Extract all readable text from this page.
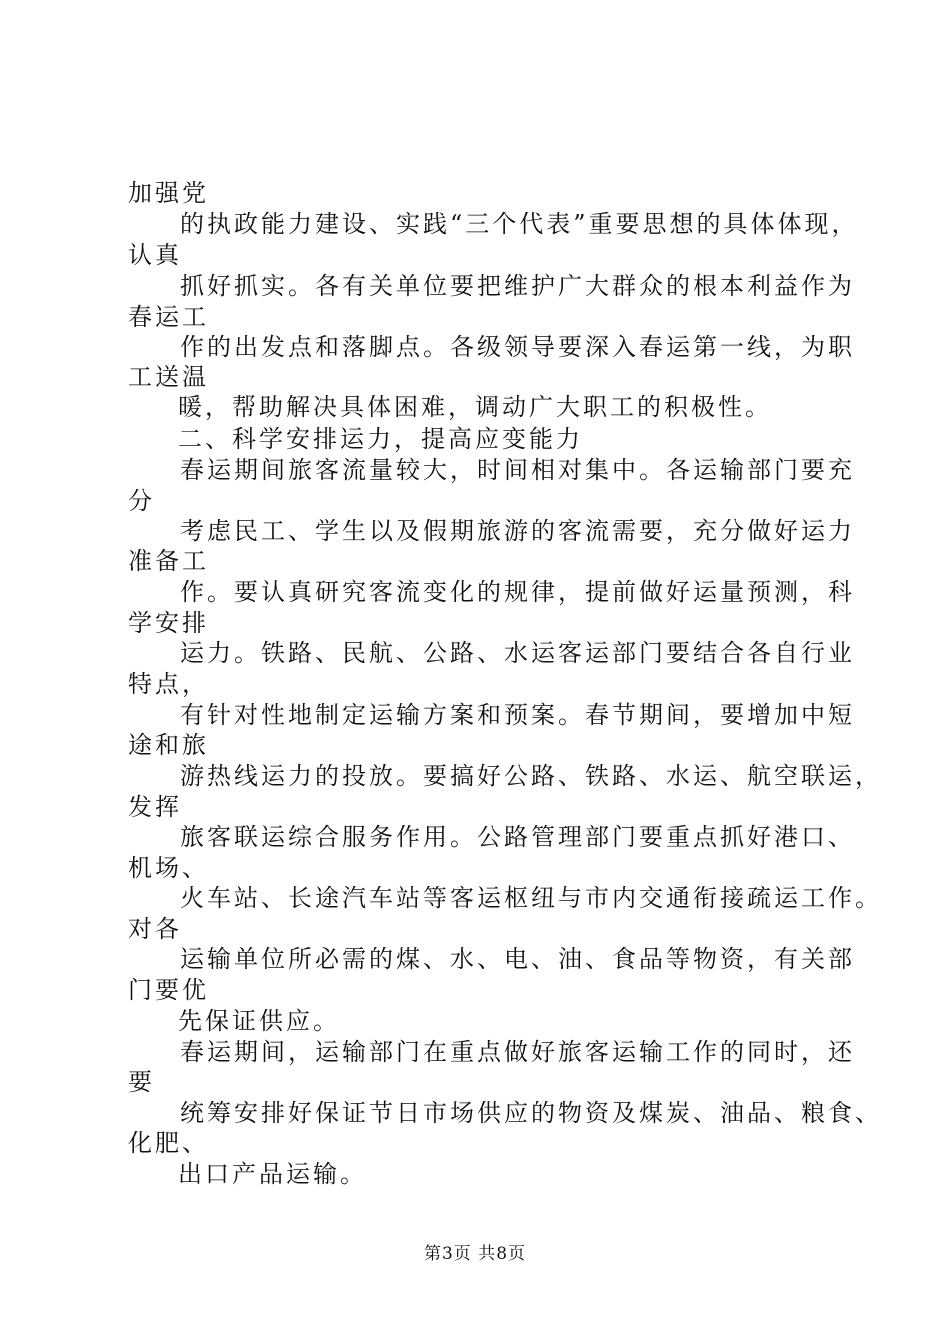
加强党
的执政能力建设、实践“三个代表”重要思想的具体体现，
认真
抓好抓实。各有关单位要把维护广大群众的根本利益作为
春运工
作的出发点和落脚点。各级领导要深入春运第一线，为职
工送温
暖，帮助解决具体困难，调动广大职工的积极性。
二、科学安排运力，提高应变能力
春运期间旅客流量较大，时间相对集中。各运输部门要充
分
考虑民工、学生以及假期旅游的客流需要，充分做好运力
准备工
作。要认真研究客流变化的规律，提前做好运量预测，科
学安排
运力。铁路、民航、公路、水运客运部门要结合各自行业
特点，
有针对性地制定运输方案和预案。春节期间，要增加中短
途和旅
游热线运力的投放。要搞好公路、铁路、水运、航空联运，
发挥
旅客联运综合服务作用。公路管理部门要重点抓好港口、
机场、
火车站、长途汽车站等客运枢纽与市内交通衔接疏运工作。
对各
运输单位所必需的煤、水、电、油、食品等物资，有关部
门要优
先保证供应。
春运期间，运输部门在重点做好旅客运输工作的同时，还
要
统筹安排好保证节日市场供应的物资及煤炭、油品、粮食、
化肥、
出口产品运输。
第3页 共8页
